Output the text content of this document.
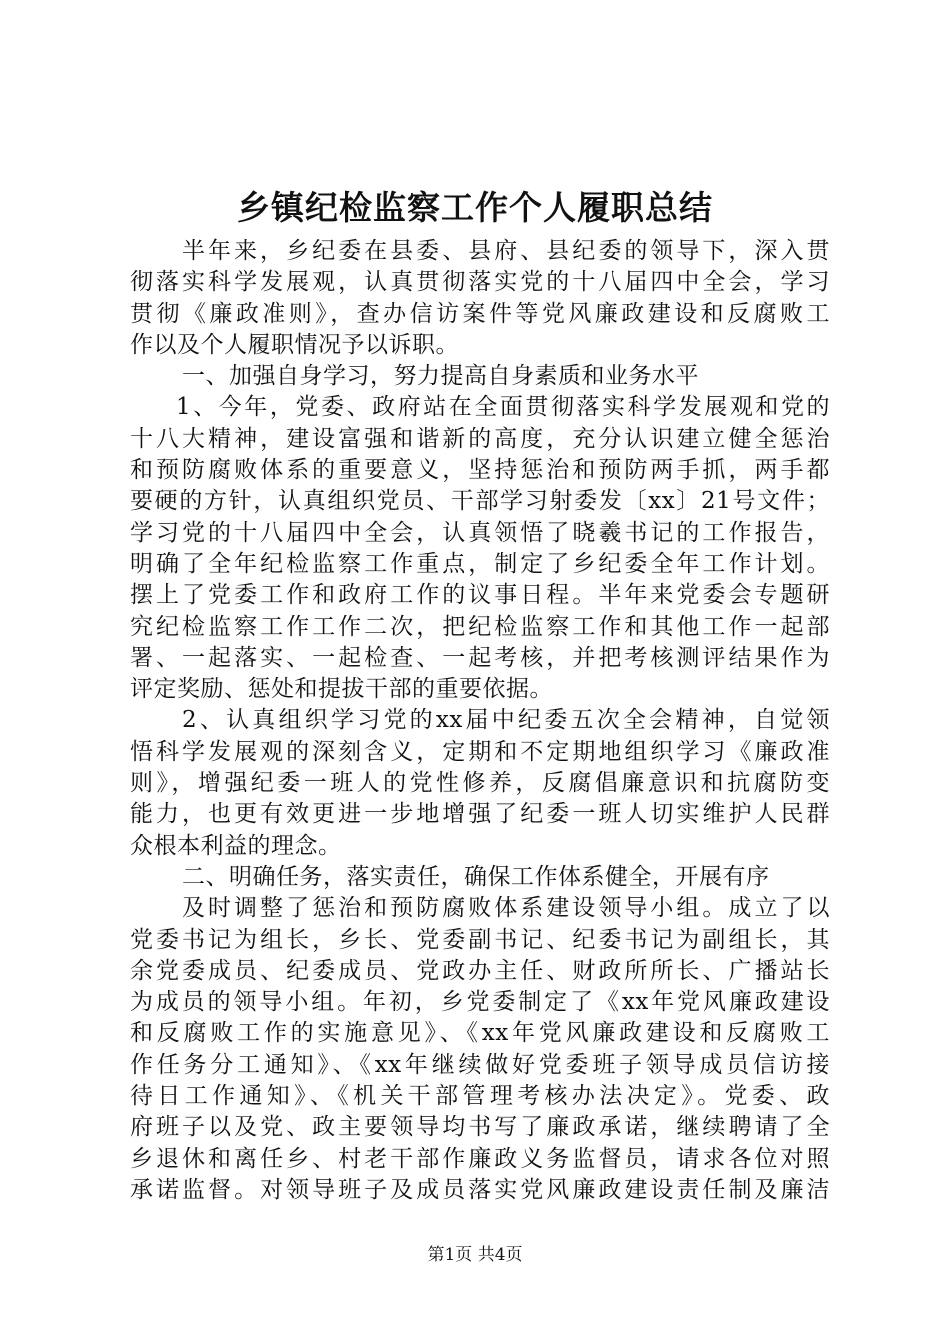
乡镇纪检监察工作个人履职总结
半年来，乡纪委在县委、县府、县纪委的领导下，深入贯
彻落实科学发展观，认真贯彻落实党的十八届四中全会，学习
贯彻《廉政准则》，查办信访案件等党风廉政建设和反腐败工
作以及个人履职情况予以诉职。
一、加强自身学习，努力提高自身素质和业务水平
1、今年，党委、政府站在全面贯彻落实科学发展观和党的
十八大精神，建设富强和谐新的高度，充分认识建立健全惩治
和预防腐败体系的重要意义，坚持惩治和预防两手抓，两手都
要硬的方针，认真组织党员、干部学习射委发〔xx〕21号文件；
学习党的十八届四中全会，认真领悟了晓羲书记的工作报告，
明确了全年纪检监察工作重点，制定了乡纪委全年工作计划。
摆上了党委工作和政府工作的议事日程。半年来党委会专题研
究纪检监察工作工作二次，把纪检监察工作和其他工作一起部
署、一起落实、一起检查、一起考核，并把考核测评结果作为
评定奖励、惩处和提拔干部的重要依据。
2、认真组织学习党的xx届中纪委五次全会精神，自觉领
悟科学发展观的深刻含义，定期和不定期地组织学习《廉政准
则》，增强纪委一班人的党性修养，反腐倡廉意识和抗腐防变
能力，也更有效更进一步地增强了纪委一班人切实维护人民群
众根本利益的理念。
二、明确任务，落实责任，确保工作体系健全，开展有序
及时调整了惩治和预防腐败体系建设领导小组。成立了以
党委书记为组长，乡长、党委副书记、纪委书记为副组长，其
余党委成员、纪委成员、党政办主任、财政所所长、广播站长
为成员的领导小组。年初，乡党委制定了《xx年党风廉政建设
和反腐败工作的实施意见》、《xx年党风廉政建设和反腐败工
作任务分工通知》、《xx年继续做好党委班子领导成员信访接
待日工作通知》、《机关干部管理考核办法决定》。党委、政
府班子以及党、政主要领导均书写了廉政承诺，继续聘请了全
乡退休和离任乡、村老干部作廉政义务监督员，请求各位对照
承诺监督。对领导班子及成员落实党风廉政建设责任制及廉洁
第1页 共4页
